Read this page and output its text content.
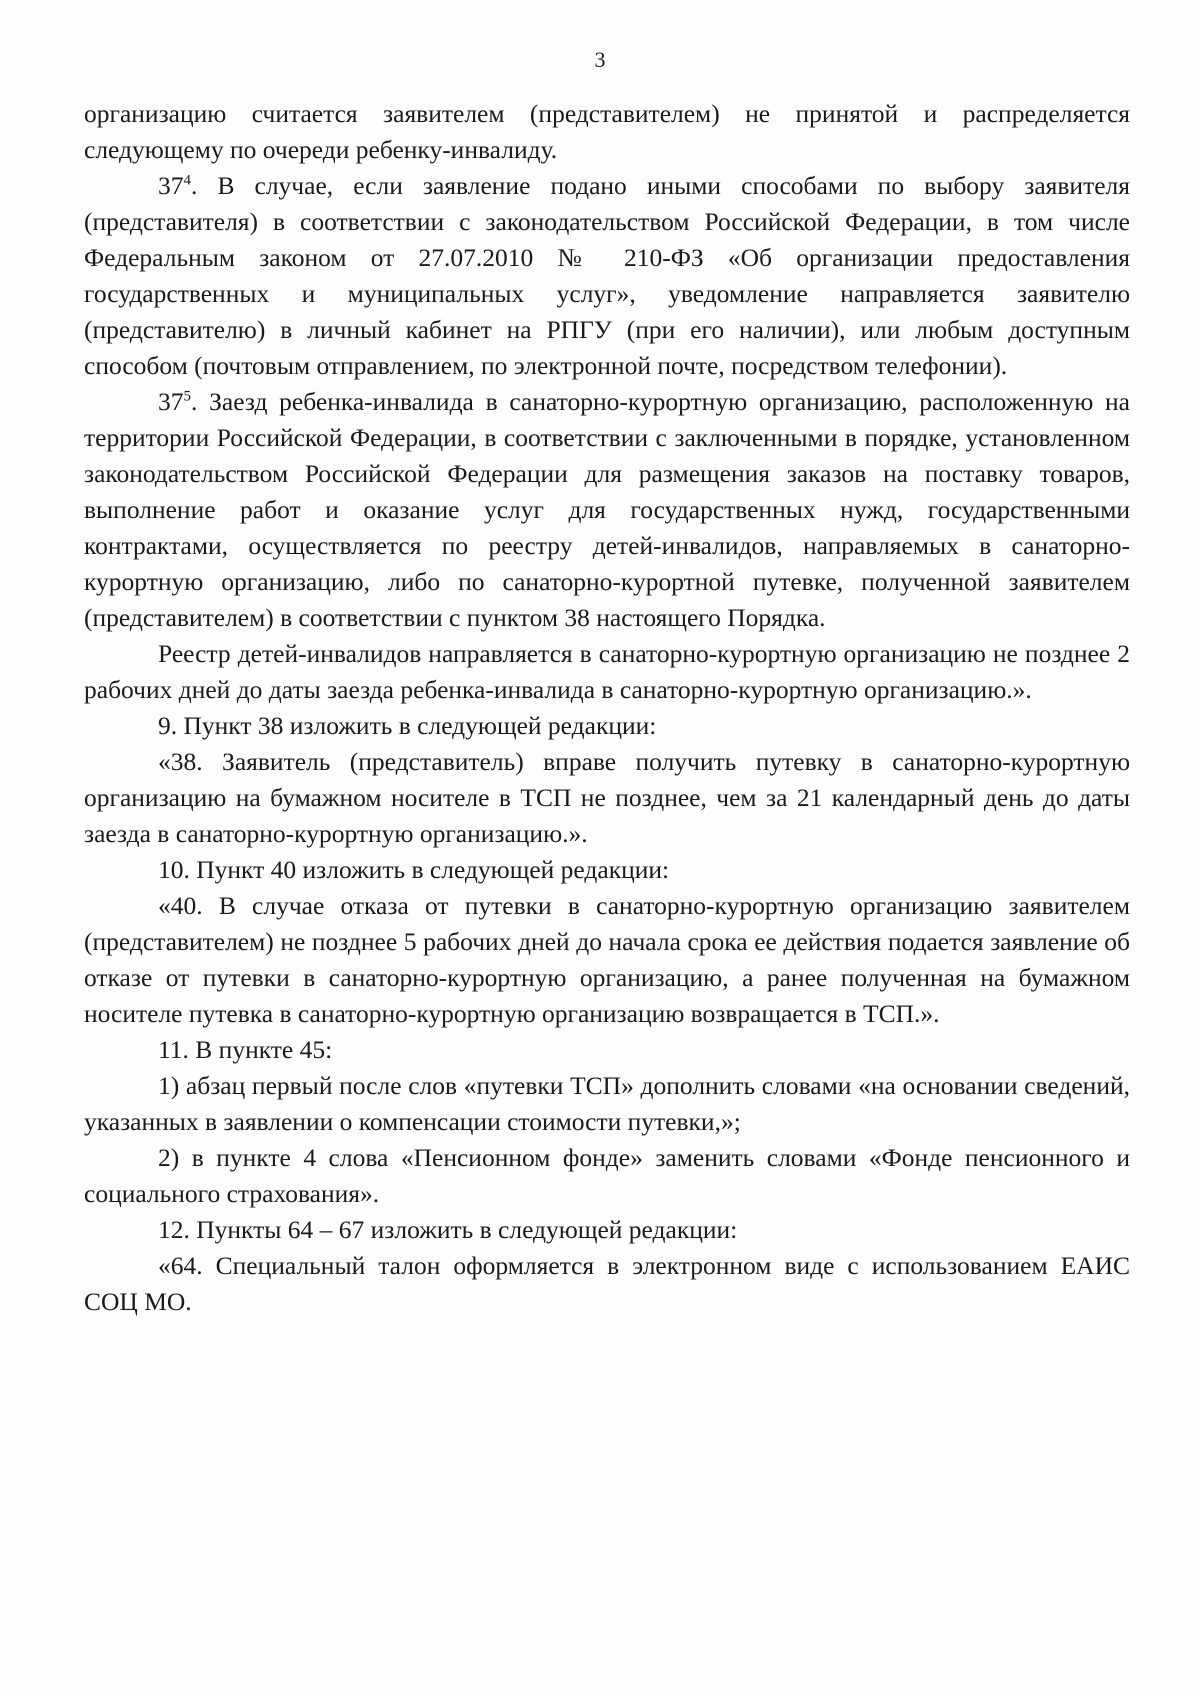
3

организацию считается заявителем (представителем) не принятой и распределяется следующему по очереди ребенку-инвалиду.

$37^4$. В случае, если заявление подано иными способами по выбору заявителя (представителя) в соответствии с законодательством Российской Федерации, в том числе Федеральным законом от 27.07.2010 № 210-ФЗ «Об организации предоставления государственных и муниципальных услуг», уведомление направляется заявителю (представителю) в личный кабинет на РПГУ (при его наличии), или любым доступным способом (почтовым отправлением, по электронной почте, посредством телефонии).

$37^5$. Заезд ребенка-инвалида в санаторно-курортную организацию, расположенную на территории Российской Федерации, в соответствии с заключенными в порядке, установленном законодательством Российской Федерации для размещения заказов на поставку товаров, выполнение работ и оказание услуг для государственных нужд, государственными контрактами, осуществляется по реестру детей-инвалидов, направляемых в санаторно-курортную организацию, либо по санаторно-курортной путевке, полученной заявителем (представителем) в соответствии с пунктом 38 настоящего Порядка.

Реестр детей-инвалидов направляется в санаторно-курортную организацию не позднее 2 рабочих дней до даты заезда ребенка-инвалида в санаторно-курортную организацию.».

9. Пункт 38 изложить в следующей редакции:

«38. Заявитель (представитель) вправе получить путевку в санаторно-курортную организацию на бумажном носителе в ТСП не позднее, чем за 21 календарный день до даты заезда в санаторно-курортную организацию.».

10. Пункт 40 изложить в следующей редакции:

«40. В случае отказа от путевки в санаторно-курортную организацию заявителем (представителем) не позднее 5 рабочих дней до начала срока ее действия подается заявление об отказе от путевки в санаторно-курортную организацию, а ранее полученная на бумажном носителе путевка в санаторно-курортную организацию возвращается в ТСП.».

11. В пункте 45:

1) абзац первый после слов «путевки ТСП» дополнить словами «на основании сведений, указанных в заявлении о компенсации стоимости путевки,»;

2) в пункте 4 слова «Пенсионном фонде» заменить словами «Фонде пенсионного и социального страхования».

12. Пункты 64 – 67 изложить в следующей редакции:

«64. Специальный талон оформляется в электронном виде с использованием ЕАИС СОЦ МО.
